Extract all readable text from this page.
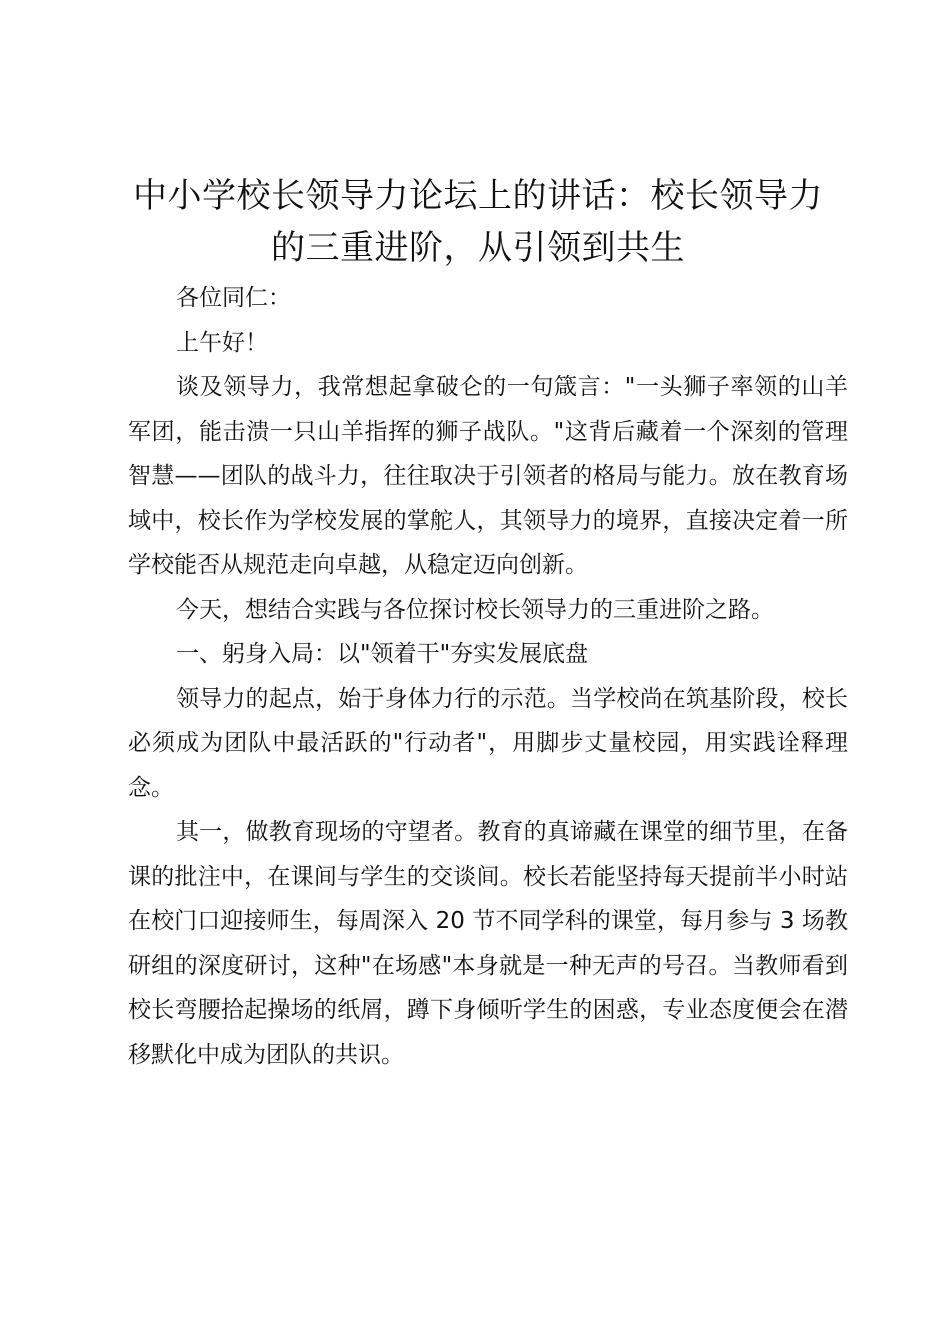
中小学校长领导力论坛上的讲话：校长领导力的三重进阶，从引领到共生

各位同仁：

上午好！

谈及领导力，我常想起拿破仑的一句箴言："一头狮子率领的山羊军团，能击溃一只山羊指挥的狮子战队。"这背后藏着一个深刻的管理智慧——团队的战斗力，往往取决于引领者的格局与能力。放在教育场域中，校长作为学校发展的掌舵人，其领导力的境界，直接决定着一所学校能否从规范走向卓越，从稳定迈向创新。

今天，想结合实践与各位探讨校长领导力的三重进阶之路。

一、躬身入局：以"领着干"夯实发展底盘

领导力的起点，始于身体力行的示范。当学校尚在筑基阶段，校长必须成为团队中最活跃的"行动者"，用脚步丈量校园，用实践诠释理念。

其一，做教育现场的守望者。教育的真谛藏在课堂的细节里，在备课的批注中，在课间与学生的交谈间。校长若能坚持每天提前半小时站在校门口迎接师生，每周深入 20 节不同学科的课堂，每月参与 3 场教研组的深度研讨，这种"在场感"本身就是一种无声的号召。当教师看到校长弯腰拾起操场的纸屑，蹲下身倾听学生的困惑，专业态度便会在潜移默化中成为团队的共识。
